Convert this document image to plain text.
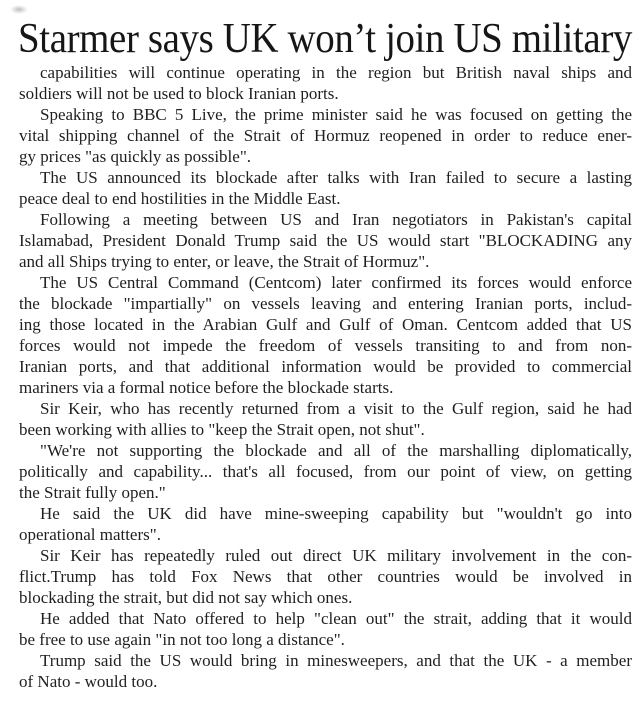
Starmer says UK won’t join US military
capabilities will continue operating in the region but British naval ships and
soldiers will not be used to block Iranian ports.
Speaking to BBC 5 Live, the prime minister said he was focused on getting the
vital shipping channel of the Strait of Hormuz reopened in order to reduce ener-
gy prices "as quickly as possible".
The US announced its blockade after talks with Iran failed to secure a lasting
peace deal to end hostilities in the Middle East.
Following a meeting between US and Iran negotiators in Pakistan's capital
Islamabad, President Donald Trump said the US would start "BLOCKADING any
and all Ships trying to enter, or leave, the Strait of Hormuz".
The US Central Command (Centcom) later confirmed its forces would enforce
the blockade "impartially" on vessels leaving and entering Iranian ports, includ-
ing those located in the Arabian Gulf and Gulf of Oman. Centcom added that US
forces would not impede the freedom of vessels transiting to and from non-
Iranian ports, and that additional information would be provided to commercial
mariners via a formal notice before the blockade starts.
Sir Keir, who has recently returned from a visit to the Gulf region, said he had
been working with allies to "keep the Strait open, not shut".
"We're not supporting the blockade and all of the marshalling diplomatically,
politically and capability... that's all focused, from our point of view, on getting
the Strait fully open."
He said the UK did have mine-sweeping capability but "wouldn't go into
operational matters".
Sir Keir has repeatedly ruled out direct UK military involvement in the con-
flict.Trump has told Fox News that other countries would be involved in
blockading the strait, but did not say which ones.
He added that Nato offered to help "clean out" the strait, adding that it would
be free to use again "in not too long a distance".
Trump said the US would bring in minesweepers, and that the UK - a member
of Nato - would too.
